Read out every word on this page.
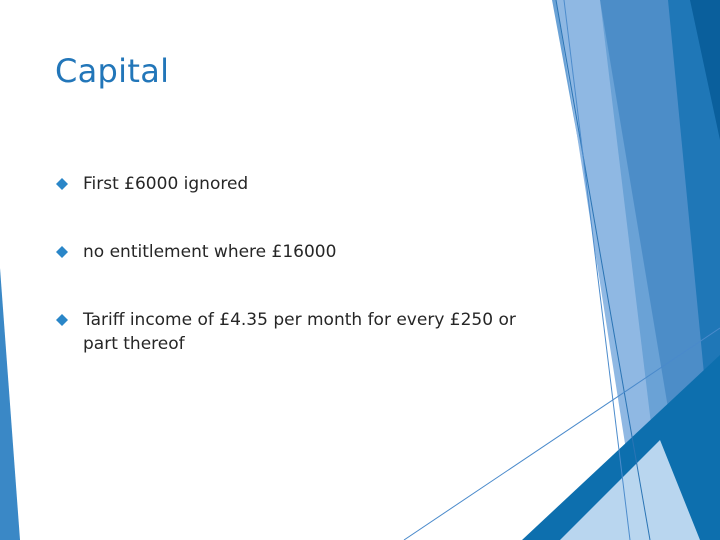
Capital
First £6000 ignored
no entitlement where £16000
Tariff income of £4.35 per month for every £250 or part thereof
